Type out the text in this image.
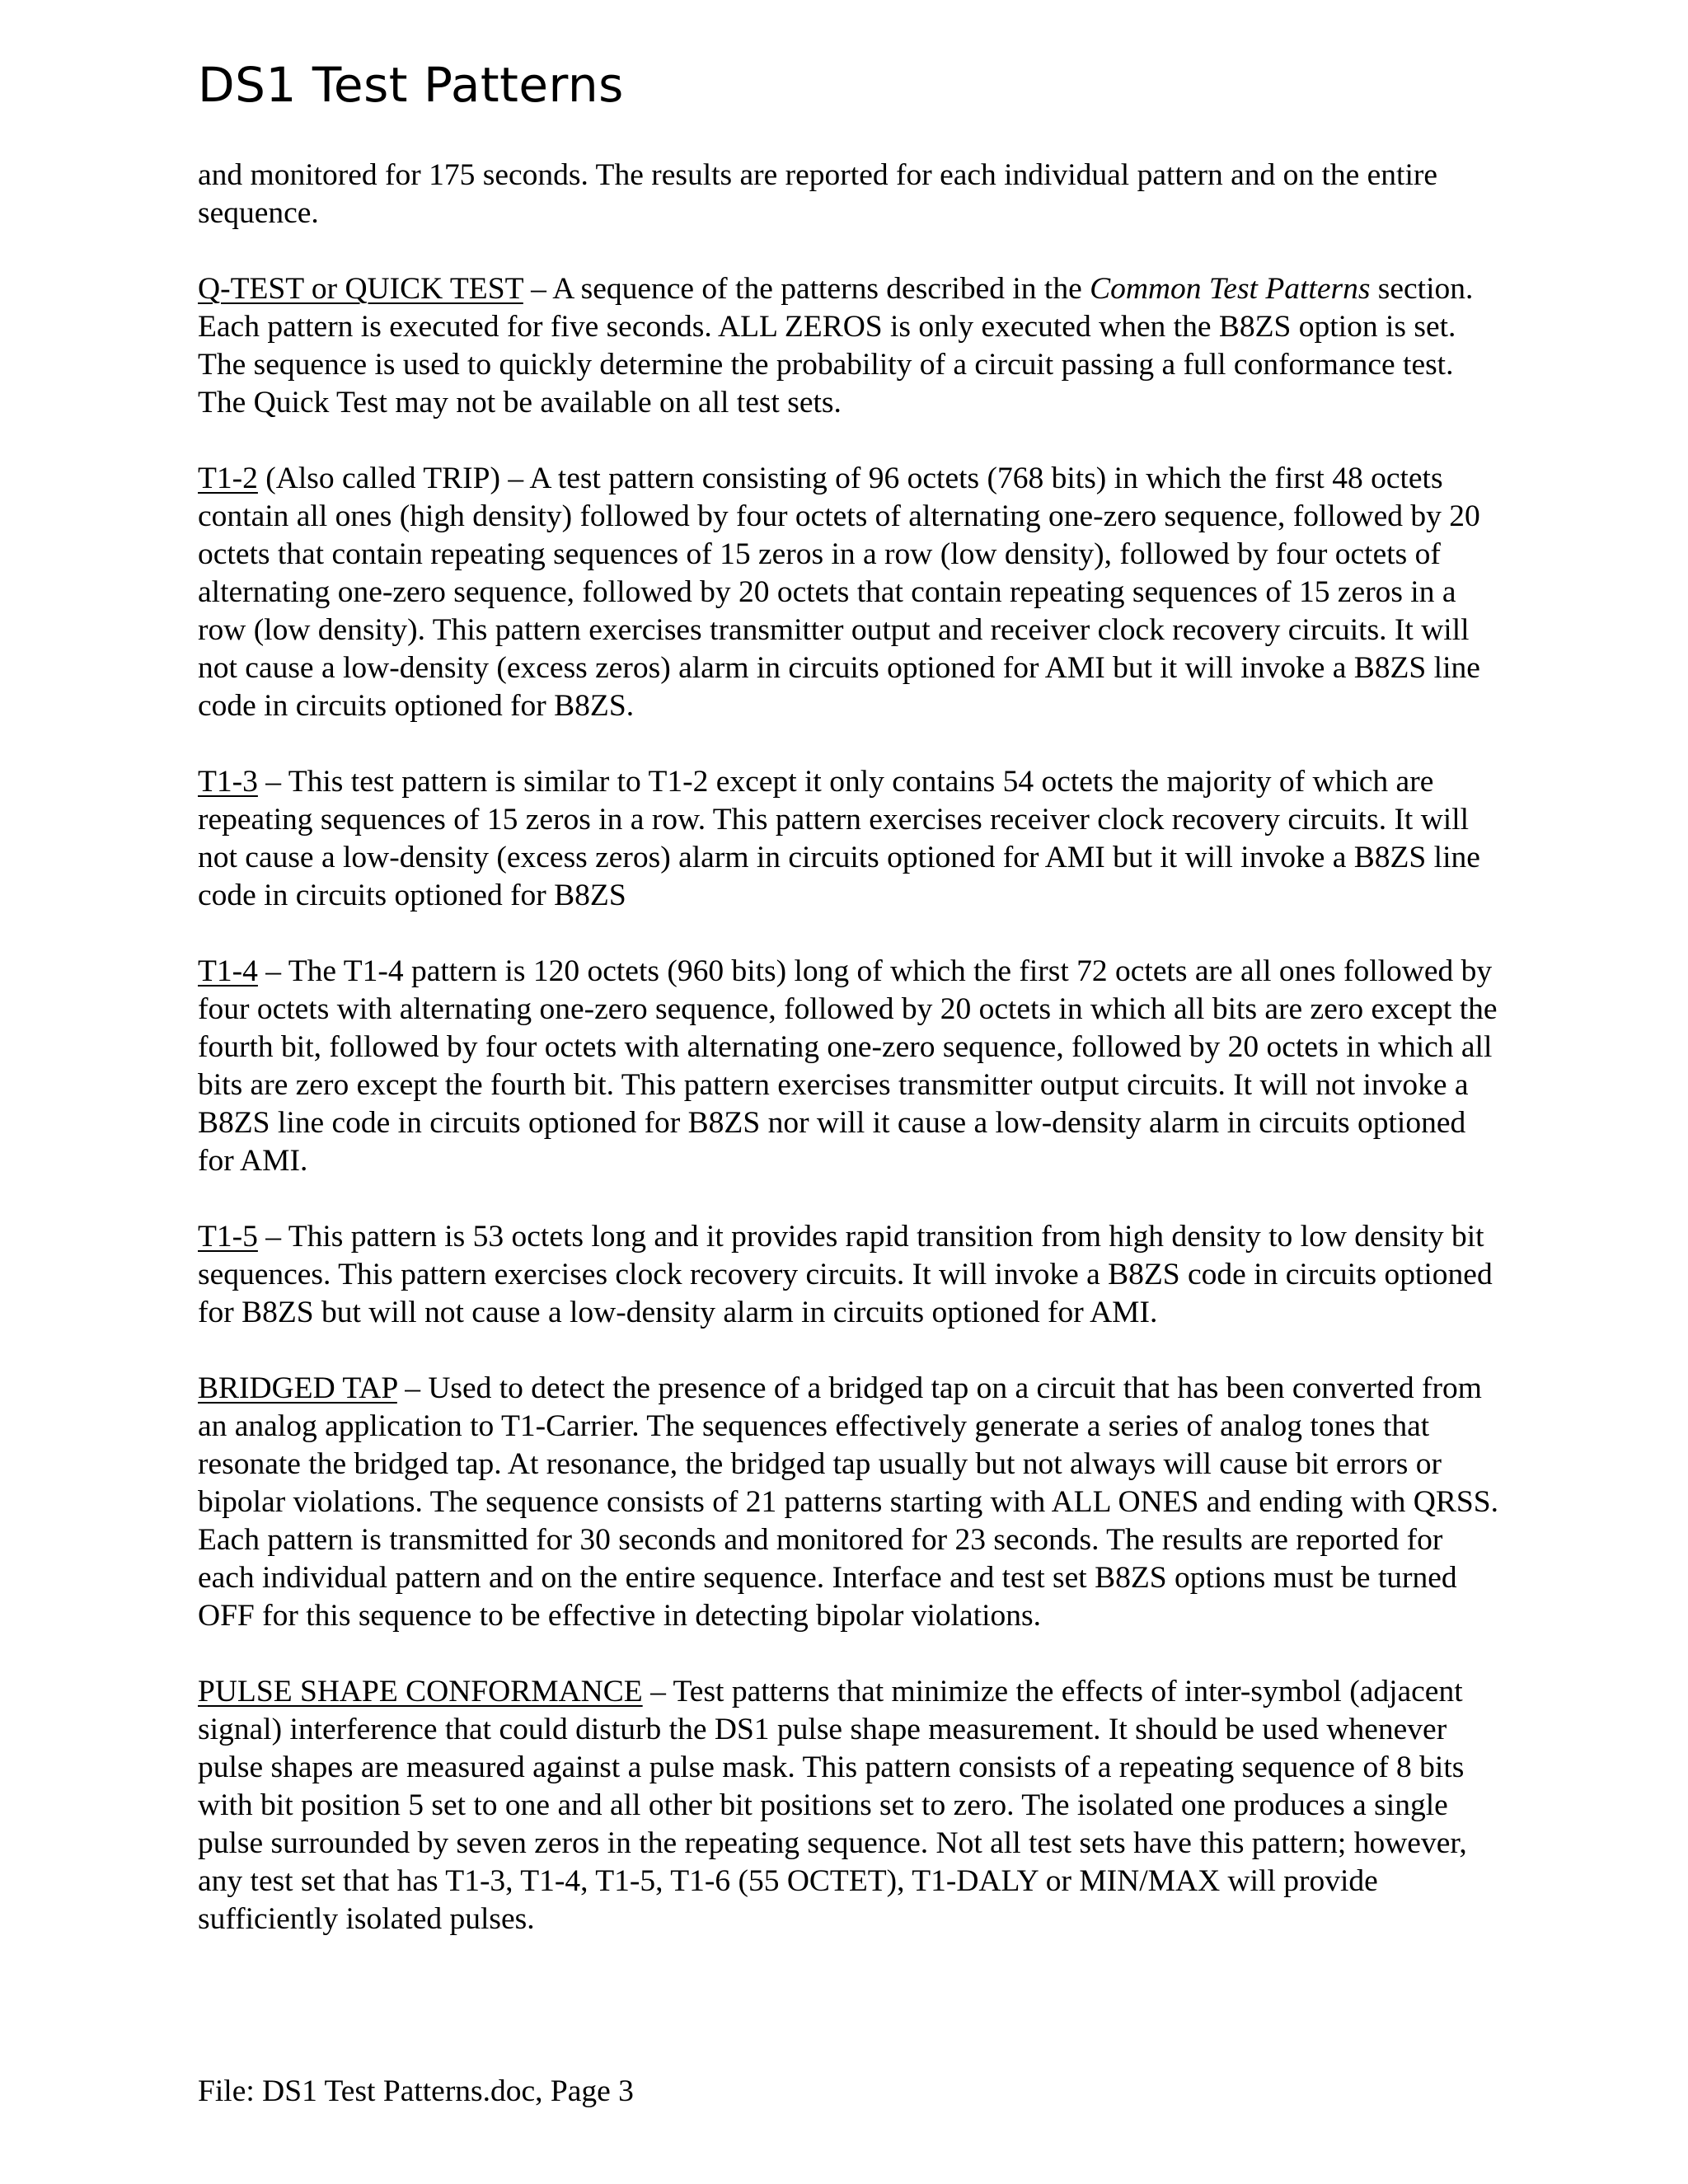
DS1 Test Patterns

and monitored for 175 seconds. The results are reported for each individual pattern and on the entire sequence.

Q-TEST or QUICK TEST – A sequence of the patterns described in the Common Test Patterns section. Each pattern is executed for five seconds. ALL ZEROS is only executed when the B8ZS option is set. The sequence is used to quickly determine the probability of a circuit passing a full conformance test. The Quick Test may not be available on all test sets.

T1-2 (Also called TRIP) – A test pattern consisting of 96 octets (768 bits) in which the first 48 octets contain all ones (high density) followed by four octets of alternating one-zero sequence, followed by 20 octets that contain repeating sequences of 15 zeros in a row (low density), followed by four octets of alternating one-zero sequence, followed by 20 octets that contain repeating sequences of 15 zeros in a row (low density). This pattern exercises transmitter output and receiver clock recovery circuits. It will not cause a low-density (excess zeros) alarm in circuits optioned for AMI but it will invoke a B8ZS line code in circuits optioned for B8ZS.

T1-3 – This test pattern is similar to T1-2 except it only contains 54 octets the majority of which are repeating sequences of 15 zeros in a row. This pattern exercises receiver clock recovery circuits. It will not cause a low-density (excess zeros) alarm in circuits optioned for AMI but it will invoke a B8ZS line code in circuits optioned for B8ZS

T1-4 – The T1-4 pattern is 120 octets (960 bits) long of which the first 72 octets are all ones followed by four octets with alternating one-zero sequence, followed by 20 octets in which all bits are zero except the fourth bit, followed by four octets with alternating one-zero sequence, followed by 20 octets in which all bits are zero except the fourth bit. This pattern exercises transmitter output circuits. It will not invoke a B8ZS line code in circuits optioned for B8ZS nor will it cause a low-density alarm in circuits optioned for AMI.

T1-5 – This pattern is 53 octets long and it provides rapid transition from high density to low density bit sequences. This pattern exercises clock recovery circuits. It will invoke a B8ZS code in circuits optioned for B8ZS but will not cause a low-density alarm in circuits optioned for AMI.

BRIDGED TAP – Used to detect the presence of a bridged tap on a circuit that has been converted from an analog application to T1-Carrier. The sequences effectively generate a series of analog tones that resonate the bridged tap. At resonance, the bridged tap usually but not always will cause bit errors or bipolar violations. The sequence consists of 21 patterns starting with ALL ONES and ending with QRSS. Each pattern is transmitted for 30 seconds and monitored for 23 seconds. The results are reported for each individual pattern and on the entire sequence. Interface and test set B8ZS options must be turned OFF for this sequence to be effective in detecting bipolar violations.

PULSE SHAPE CONFORMANCE – Test patterns that minimize the effects of inter-symbol (adjacent signal) interference that could disturb the DS1 pulse shape measurement. It should be used whenever pulse shapes are measured against a pulse mask. This pattern consists of a repeating sequence of 8 bits with bit position 5 set to one and all other bit positions set to zero. The isolated one produces a single pulse surrounded by seven zeros in the repeating sequence. Not all test sets have this pattern; however, any test set that has T1-3, T1-4, T1-5, T1-6 (55 OCTET), T1-DALY or MIN/MAX will provide sufficiently isolated pulses.

File: DS1 Test Patterns.doc, Page 3
